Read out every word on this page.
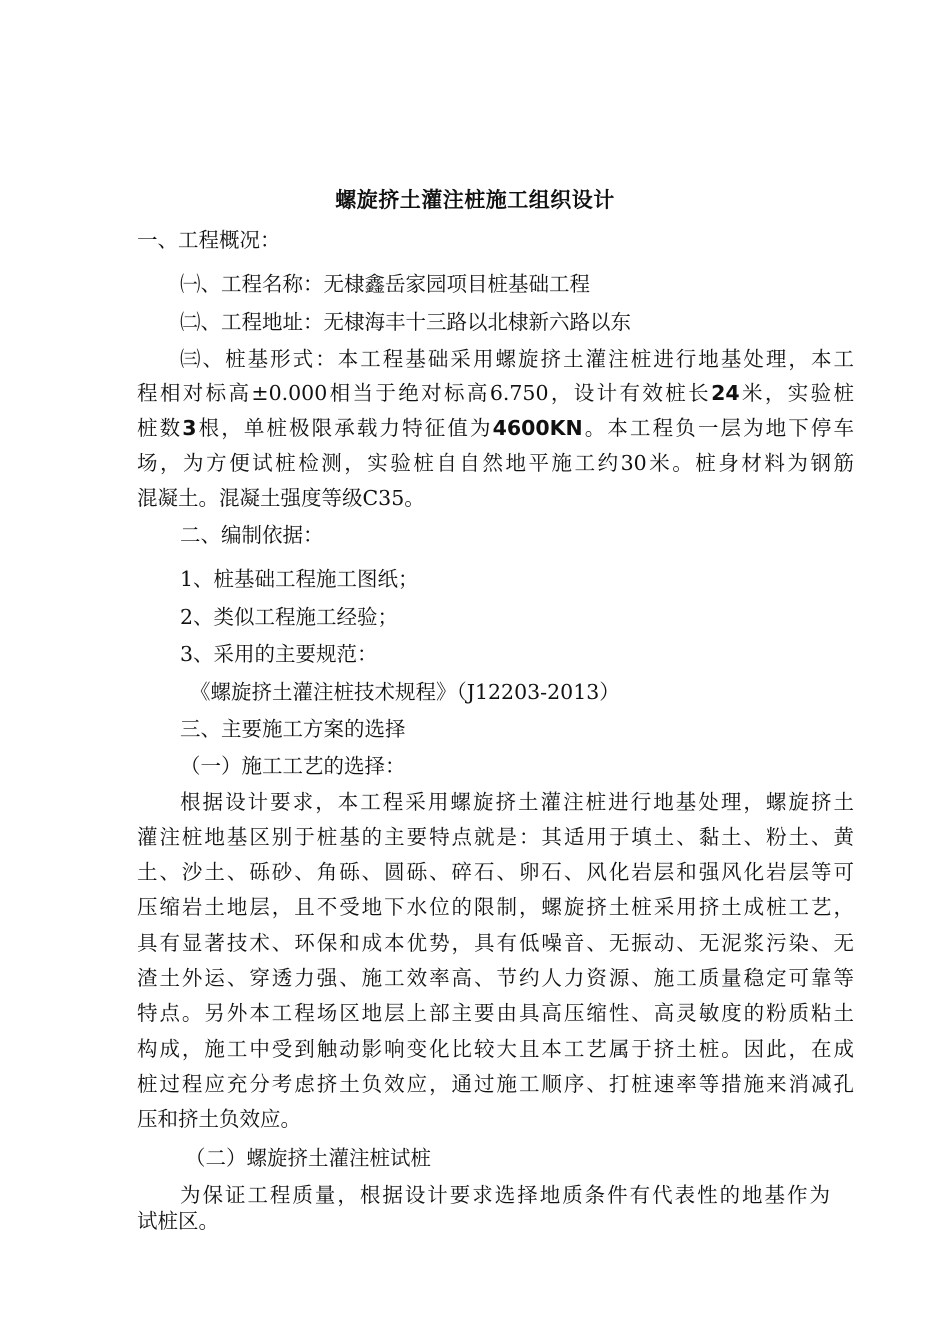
螺旋挤土灌注桩施工组织设计
一、工程概况：
㈠、工程名称：无棣鑫岳家园项目桩基础工程
㈡、工程地址：无棣海丰十三路以北棣新六路以东
㈢、桩基形式：本工程基础采用螺旋挤土灌注桩进行地基处理，本工
程相对标高±0.000相当于绝对标高6.750，设计有效桩长24米，实验桩
桩数3根，单桩极限承载力特征值为4600KN。本工程负一层为地下停车
场，为方便试桩检测，实验桩自自然地平施工约30米。桩身材料为钢筋
混凝土。混凝土强度等级C35。
二、编制依据：
1、桩基础工程施工图纸；
2、类似工程施工经验；
3、采用的主要规范：
《螺旋挤土灌注桩技术规程》（J12203-2013）
三、主要施工方案的选择
（一）施工工艺的选择：
根据设计要求，本工程采用螺旋挤土灌注桩进行地基处理，螺旋挤土
灌注桩地基区别于桩基的主要特点就是：其适用于填土、黏土、粉土、黄
土、沙土、砾砂、角砾、圆砾、碎石、卵石、风化岩层和强风化岩层等可
压缩岩土地层，且不受地下水位的限制，螺旋挤土桩采用挤土成桩工艺，
具有显著技术、环保和成本优势，具有低噪音、无振动、无泥浆污染、无
渣土外运、穿透力强、施工效率高、节约人力资源、施工质量稳定可靠等
特点。另外本工程场区地层上部主要由具高压缩性、高灵敏度的粉质粘土
构成，施工中受到触动影响变化比较大且本工艺属于挤土桩。因此，在成
桩过程应充分考虑挤土负效应，通过施工顺序、打桩速率等措施来消减孔
压和挤土负效应。
（二）螺旋挤土灌注桩试桩
为保证工程质量，根据设计要求选择地质条件有代表性的地基作为
试桩区。
